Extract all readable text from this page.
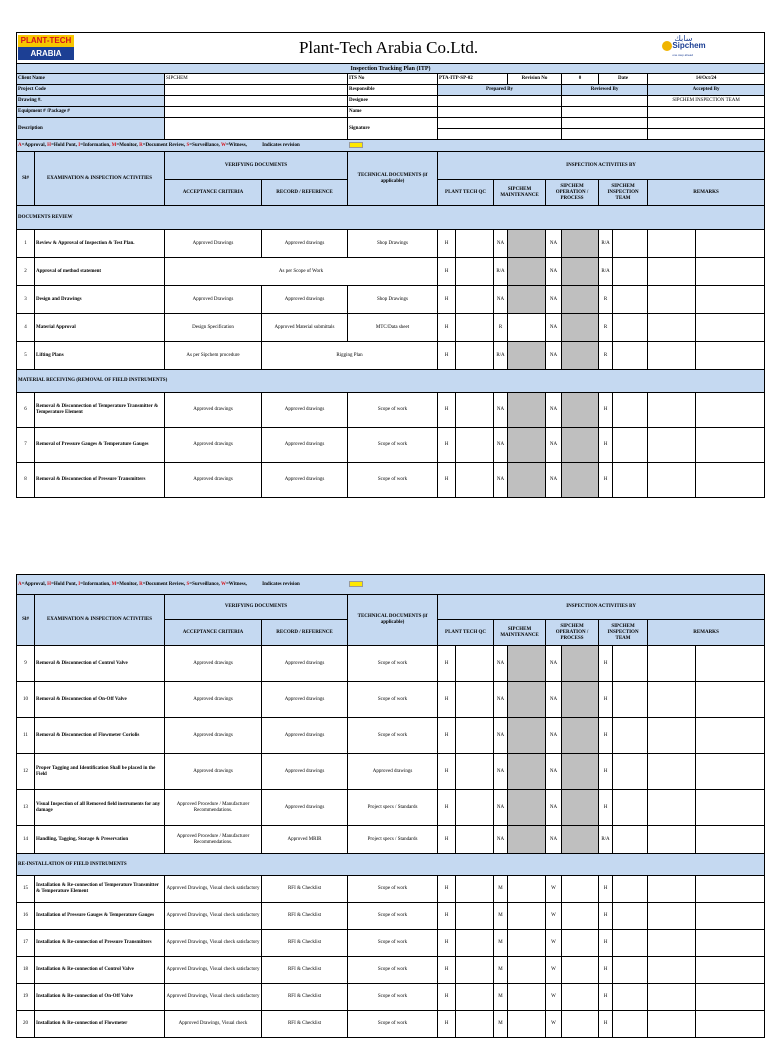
PLANT-TECH
ARABIA		Plant-Tech Arabia Co.Ltd.										سابك
Sipchem
one step ahead		

Inspection Tracking Plan (ITP)														
Client Name		SIPCHEM		ITS No	PTA-ITP-SP-02			Revision No		0	Date		14/Oct/24	
Project Code				Responsible	Prepared By					Reviewed By			Accepted By	
Drawing #.				Designee									SIPCHEM INSPECTION TEAM	
Equipment # /Package #				Name										
Description				Signature										

A=Approval, H=Hold Pont, I=Information, M=Monitor, R=Document Review, S=Surveillance, W=Witness, Indicates revision														
Sl#	EXAMINATION & INSPECTION ACTIVITIES	VERIFYING DOCUMENTS		TECHNICAL DOCUMENTS (if applicable)	INSPECTION ACTIVITIES BY									
		ACCEPTANCE CRITERIA	RECORD / REFERENCE		PLANT TECH QC		SIPCHEM MAINTENANCE		SIPCHEM OPERATION / PROCESS		SIPCHEM INSPECTION TEAM		REMARKS	
DOCUMENTS REVIEW														
1	Review & Approval of Inspection & Test Plan.	Approved Drawings	Approved drawings	Shop Drawings	H		NA		NA		R/A			
2	Approval of method statement	As per Scope of Work			H		R/A		NA		R/A			
3	Design and Drawings	Approved Drawings	Approved drawings	Shop Drawings	H		NA		NA		R			
4	Material Approval	Design Specification	Approved Material submittals	MTC/Data sheet	H		R		NA		R			
5	Lifting Plans	As per Sipchem procedure	Rigging Plan		H		R/A		NA		R			
MATERIAL RECEIVING (REMOVAL OF FIELD INSTRUMENTS)														
6	Removal & Disconnection of Temperature Transmitter & Temperature Element	Approved drawings	Approved drawings	Scope of work	H		NA		NA		H			
7	Removal of Pressure Gauges & Temperature Gauges	Approved drawings	Approved drawings	Scope of work	H		NA		NA		H			
8	Removal & Disconnection of Pressure Transmitters	Approved drawings	Approved drawings	Scope of work	H		NA		NA		H			
A=Approval, H=Hold Pont, I=Information, M=Monitor, R=Document Review, S=Surveillance, W=Witness, Indicates revision														
Sl#	EXAMINATION & INSPECTION ACTIVITIES	VERIFYING DOCUMENTS		TECHNICAL DOCUMENTS (if applicable)	INSPECTION ACTIVITIES BY									
		ACCEPTANCE CRITERIA	RECORD / REFERENCE		PLANT TECH QC		SIPCHEM MAINTENANCE		SIPCHEM OPERATION / PROCESS		SIPCHEM INSPECTION TEAM		REMARKS	
9	Removal & Disconnection of Control Valve	Approved drawings	Approved drawings	Scope of work	H		NA		NA		H			
10	Removal & Disconnection of On-Off Valve	Approved drawings	Approved drawings	Scope of work	H		NA		NA		H			
11	Removal & Disconnection of Flowmeter Coriolis	Approved drawings	Approved drawings	Scope of work	H		NA		NA		H			
12	Proper Tagging and Identification Shall be placed in the Field	Approved drawings	Approved drawings	Approved drawings	H		NA		NA		H			
13	Visual Inspection of all Removed field instruments for any damage	Approved Procedure / Manufacturer Recommendations.	Approved drawings	Project specs / Standards	H		NA		NA		H			
14	Handling, Tagging, Storage & Preservation	Approved Procedure / Manufacturer Recommendations.	Approved MRIR	Project specs / Standards	H		NA		NA		R/A			
RE-INSTALLATION OF FIELD INSTRUMENTS														
15	Installation & Re-connection of Temperature Transmitter & Temperature Element	Approved Drawings, Visual check satisfactory	RFI & Checklist	Scope of work	H		M		W		H			
16	Installation of Pressure Gauges & Temperature Gauges	Approved Drawings, Visual check satisfactory	RFI & Checklist	Scope of work	H		M		W		H			
17	Installation & Re-connection of Pressure Transmitters	Approved Drawings, Visual check satisfactory	RFI & Checklist	Scope of work	H		M		W		H			
18	Installation & Re-connection of Control Valve	Approved Drawings, Visual check satisfactory	RFI & Checklist	Scope of work	H		M		W		H			
19	Installation & Re-connection of On-Off Valve	Approved Drawings, Visual check satisfactory	RFI & Checklist	Scope of work	H		M		W		H			
20	Installation & Re-connection of Flowmeter	Approved Drawings, Visual check	RFI & Checklist	Scope of work	H		M		W		H			
